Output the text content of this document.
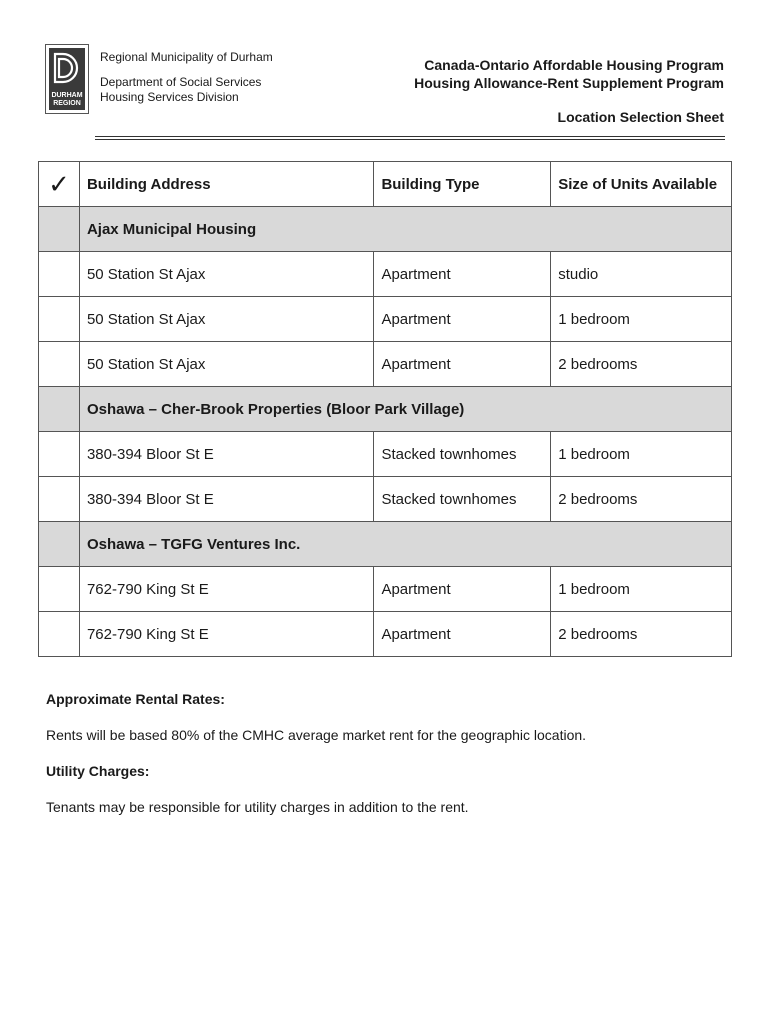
DURHAM
REGION
Regional Municipality of Durham
Department of Social Services
Housing Services Division
Canada-Ontario Affordable Housing Program
Housing Allowance-Rent Supplement Program
Location Selection Sheet
✓	Building Address	Building Type	Size of Units Available
	Ajax Municipal Housing		
	50 Station St Ajax	Apartment	studio
	50 Station St Ajax	Apartment	1 bedroom
	50 Station St Ajax	Apartment	2 bedrooms
	Oshawa – Cher-Brook Properties (Bloor Park Village)		
	380-394 Bloor St E	Stacked townhomes	1 bedroom
	380-394 Bloor St E	Stacked townhomes	2 bedrooms
	Oshawa – TGFG Ventures Inc.		
	762-790 King St E	Apartment	1 bedroom
	762-790 King St E	Apartment	2 bedrooms

Approximate Rental Rates:

Rents will be based 80% of the CMHC average market rent for the geographic location.

Utility Charges:

Tenants may be responsible for utility charges in addition to the rent.
